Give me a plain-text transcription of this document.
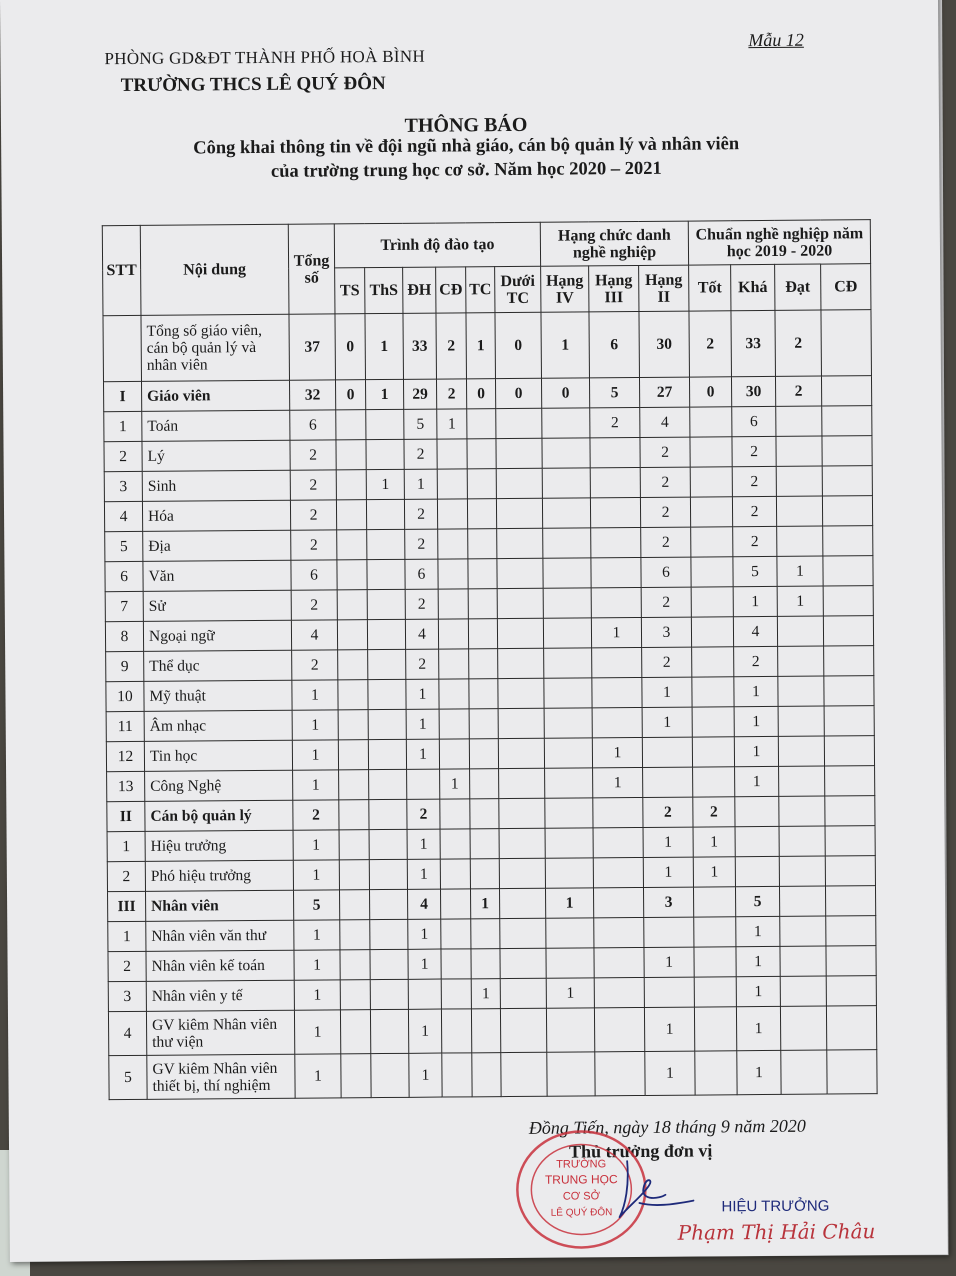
PHÒNG GD&ĐT THÀNH PHỐ HOÀ BÌNH
TRƯỜNG THCS LÊ QUÝ ĐÔN
Mẫu 12
THÔNG BÁO
Công khai thông tin về đội ngũ nhà giáo, cán bộ quản lý và nhân viên
của trường trung học cơ sở. Năm học 2020 – 2021
STT	Nội dung	Tổng số	Trình độ đào tạo						Hạng chức danh nghề nghiệp			Chuẩn nghề nghiệp năm học 2019 - 2020			
			TS	ThS	ĐH	CĐ	TC	Dưới TC	Hạng IV	Hạng III	Hạng II	Tốt	Khá	Đạt	CĐ
	Tổng số giáo viên, cán bộ quản lý và nhân viên	37	0	1	33	2	1	0	1	6	30	2	33	2	
I	Giáo viên	32	0	1	29	2	0	0	0	5	27	0	30	2	
1	Toán	6			5	1				2	4		6		
2	Lý	2			2						2		2		
3	Sinh	2		1	1						2		2		
4	Hóa	2			2						2		2		
5	Địa	2			2						2		2		
6	Văn	6			6						6		5	1	
7	Sử	2			2						2		1	1	
8	Ngoại ngữ	4			4					1	3		4		
9	Thể dục	2			2						2		2		
10	Mỹ thuật	1			1						1		1		
11	Âm nhạc	1			1						1		1		
12	Tin học	1			1					1			1		
13	Công Nghệ	1				1				1			1		
II	Cán bộ quản lý	2			2						2	2			
1	Hiệu trưởng	1			1						1	1			
2	Phó hiệu trưởng	1			1						1	1			
III	Nhân viên	5			4		1		1		3		5		
1	Nhân viên văn thư	1			1								1		
2	Nhân viên kế toán	1			1						1		1		
3	Nhân viên y tế	1					1		1				1		
4	GV kiêm Nhân viên thư viện	1			1						1		1		
5	GV kiêm Nhân viên thiết bị, thí nghiệm	1			1						1		1		
Đồng Tiến, ngày 18 tháng 9 năm 2020
Thủ trưởng đơn vị
TRƯỜNG
TRUNG HỌC
CƠ SỞ
LÊ QUÝ ĐÔN	HIỆU TRƯỞNG
Phạm Thị Hải Châu
